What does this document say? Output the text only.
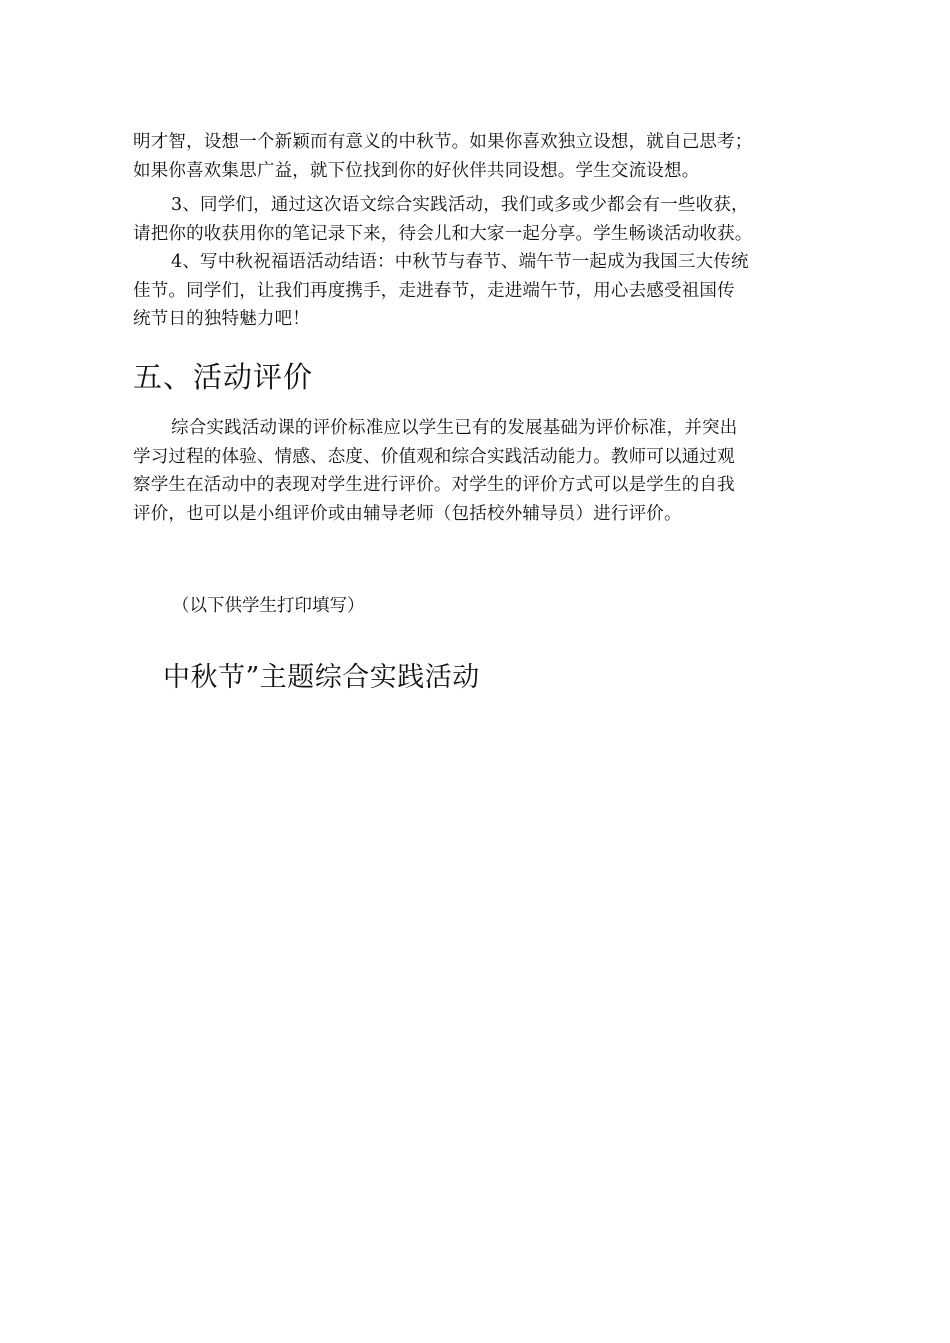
明才智，设想一个新颖而有意义的中秋节。如果你喜欢独立设想，就自己思考；
如果你喜欢集思广益，就下位找到你的好伙伴共同设想。学生交流设想。

3、同学们，通过这次语文综合实践活动，我们或多或少都会有一些收获，
请把你的收获用你的笔记录下来，待会儿和大家一起分享。学生畅谈活动收获。

4、写中秋祝福语活动结语：中秋节与春节、端午节一起成为我国三大传统
佳节。同学们，让我们再度携手，走进春节，走进端午节，用心去感受祖国传
统节日的独特魅力吧！

五、活动评价

综合实践活动课的评价标准应以学生已有的发展基础为评价标准，并突出
学习过程的体验、情感、态度、价值观和综合实践活动能力。教师可以通过观
察学生在活动中的表现对学生进行评价。对学生的评价方式可以是学生的自我
评价，也可以是小组评价或由辅导老师（包括校外辅导员）进行评价。

（以下供学生打印填写）

中秋节”主题综合实践活动
